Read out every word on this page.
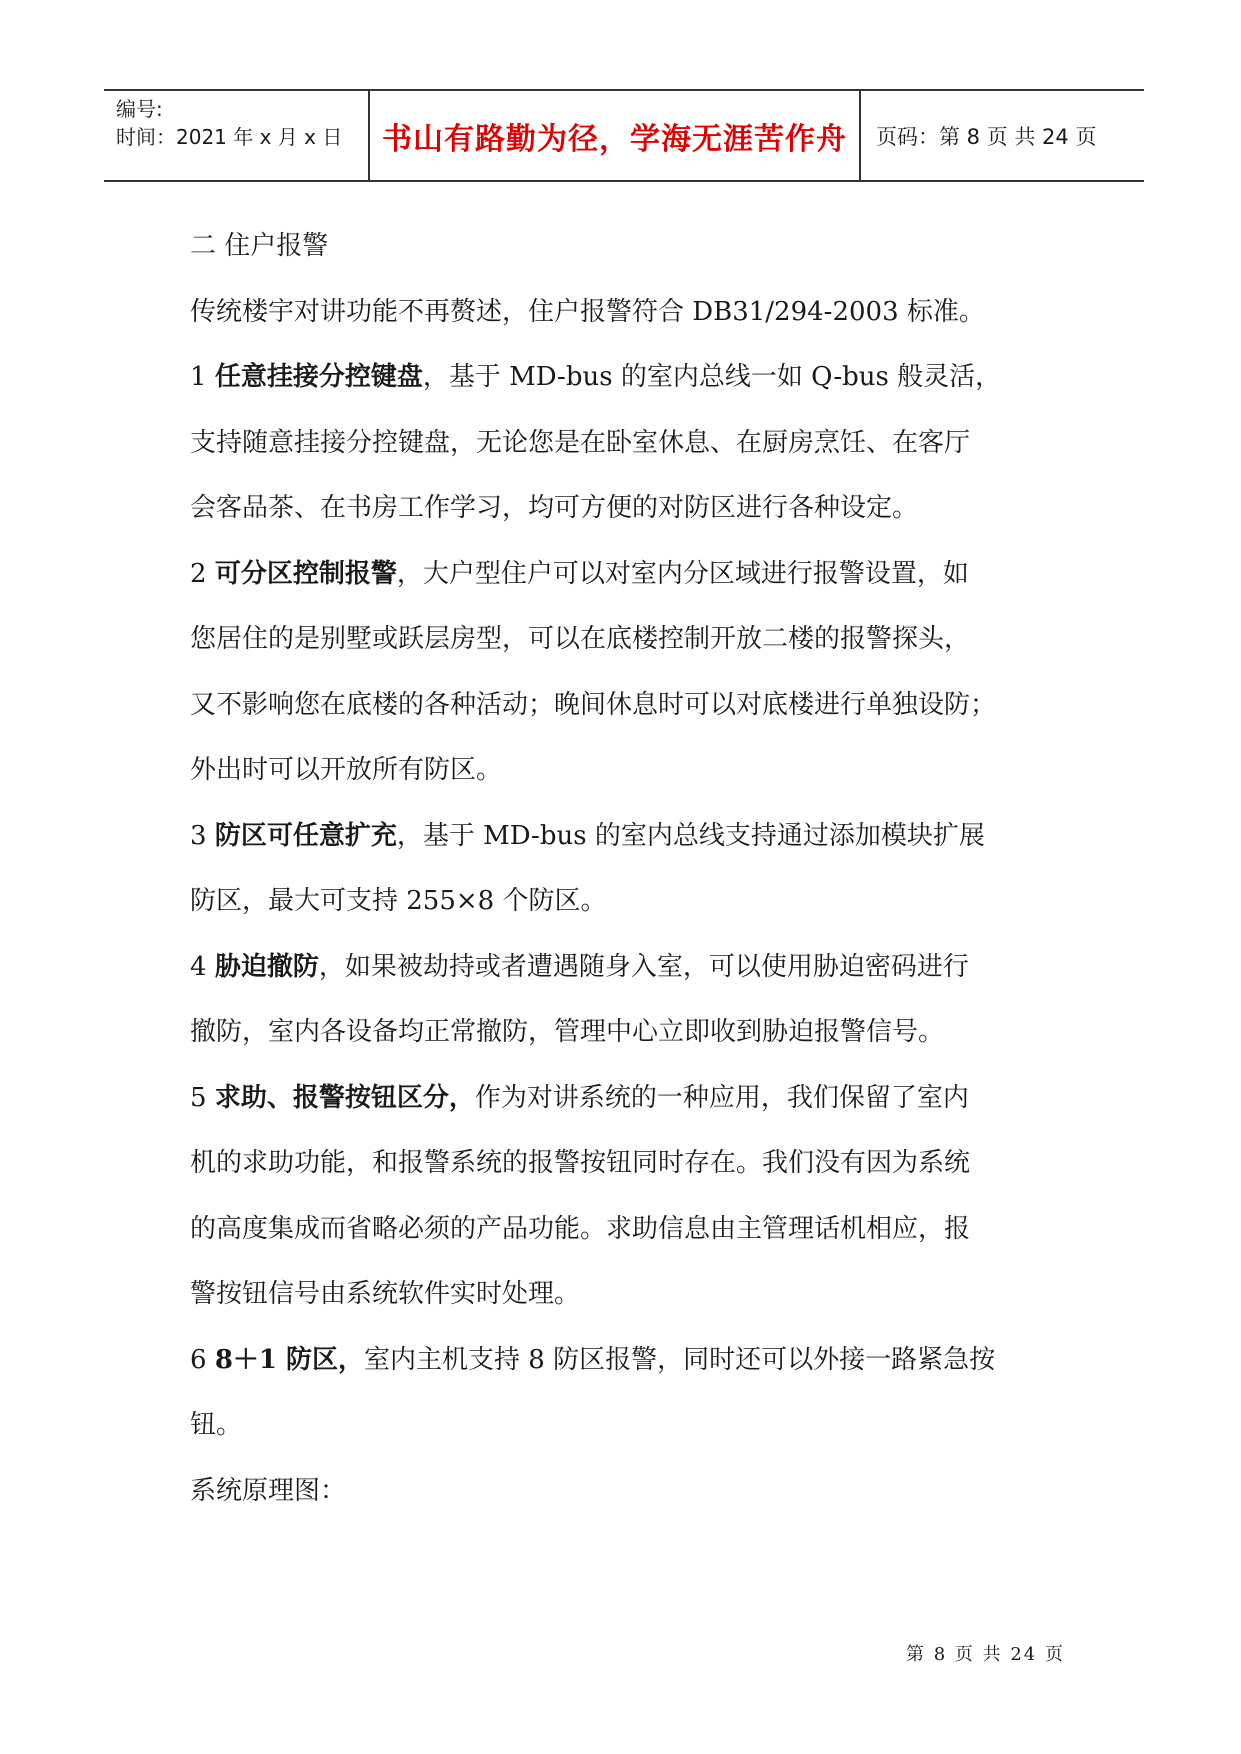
编号:
时间：2021 年 x 月 x 日	书山有路勤为径，学海无涯苦作舟	页码：第 8 页 共 24 页

二 住户报警

传统楼宇对讲功能不再赘述，住户报警符合 DB31/294-2003 标准。

1 任意挂接分控键盘，基于 MD-bus 的室内总线一如 Q-bus 般灵活，

支持随意挂接分控键盘，无论您是在卧室休息、在厨房烹饪、在客厅

会客品茶、在书房工作学习，均可方便的对防区进行各种设定。

2 可分区控制报警，大户型住户可以对室内分区域进行报警设置，如

您居住的是别墅或跃层房型，可以在底楼控制开放二楼的报警探头，

又不影响您在底楼的各种活动；晚间休息时可以对底楼进行单独设防；

外出时可以开放所有防区。

3 防区可任意扩充，基于 MD-bus 的室内总线支持通过添加模块扩展

防区，最大可支持 255×8 个防区。

4 胁迫撤防，如果被劫持或者遭遇随身入室，可以使用胁迫密码进行

撤防，室内各设备均正常撤防，管理中心立即收到胁迫报警信号。

5 求助、报警按钮区分，作为对讲系统的一种应用，我们保留了室内

机的求助功能，和报警系统的报警按钮同时存在。我们没有因为系统

的高度集成而省略必须的产品功能。求助信息由主管理话机相应，报

警按钮信号由系统软件实时处理。

6 8＋1 防区，室内主机支持 8 防区报警，同时还可以外接一路紧急按

钮。

系统原理图：

第 8 页 共 24 页
